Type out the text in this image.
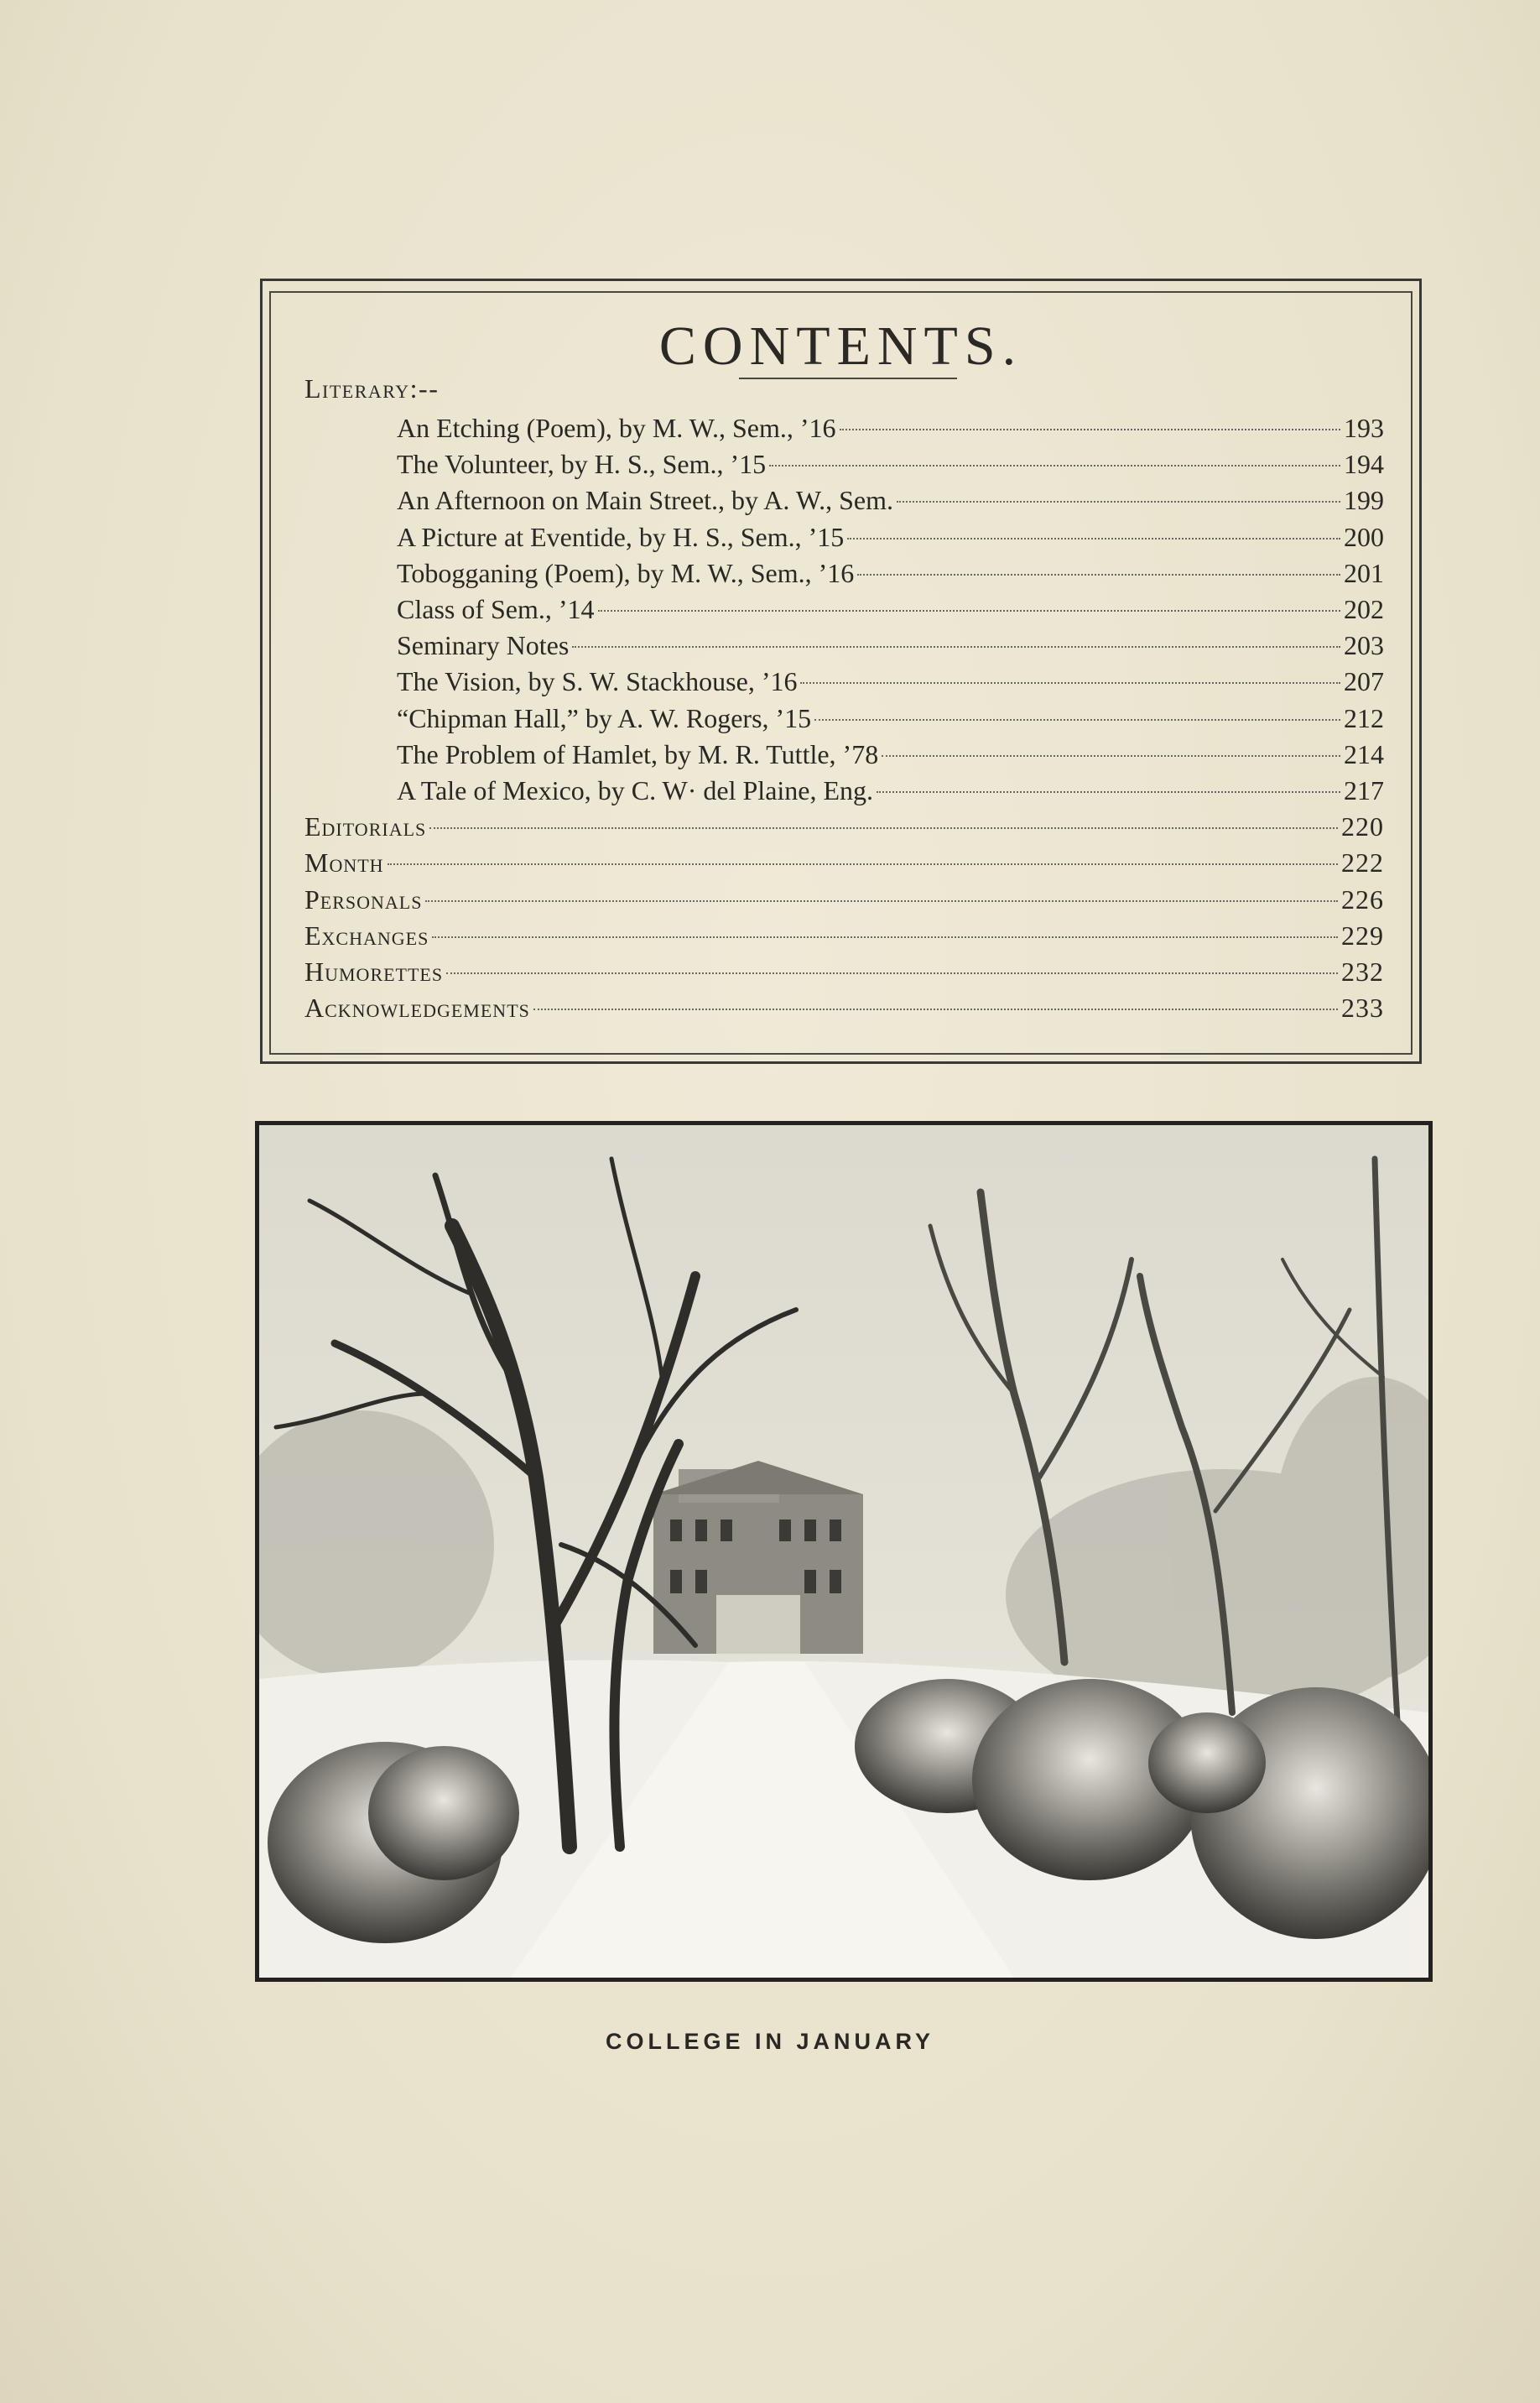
CONTENTS.
Literary:--
An Etching (Poem), by M. W., Sem., ’16	193
The Volunteer, by H. S., Sem., ’15	194
An Afternoon on Main Street., by A. W., Sem.	199
A Picture at Eventide, by H. S., Sem., ’15	200
Tobogganing (Poem), by M. W., Sem., ’16	201
Class of Sem., ’14	202
Seminary Notes	203
The Vision, by S. W. Stackhouse, ’16	207
“Chipman Hall,” by A. W. Rogers, ’15	212
The Problem of Hamlet, by M. R. Tuttle, ’78	214
A Tale of Mexico, by C. W· del Plaine, Eng.	217
Editorials	220
Month	222
Personals	226
Exchanges	229
Humorettes	232
Acknowledgements	233
COLLEGE IN JANUARY
